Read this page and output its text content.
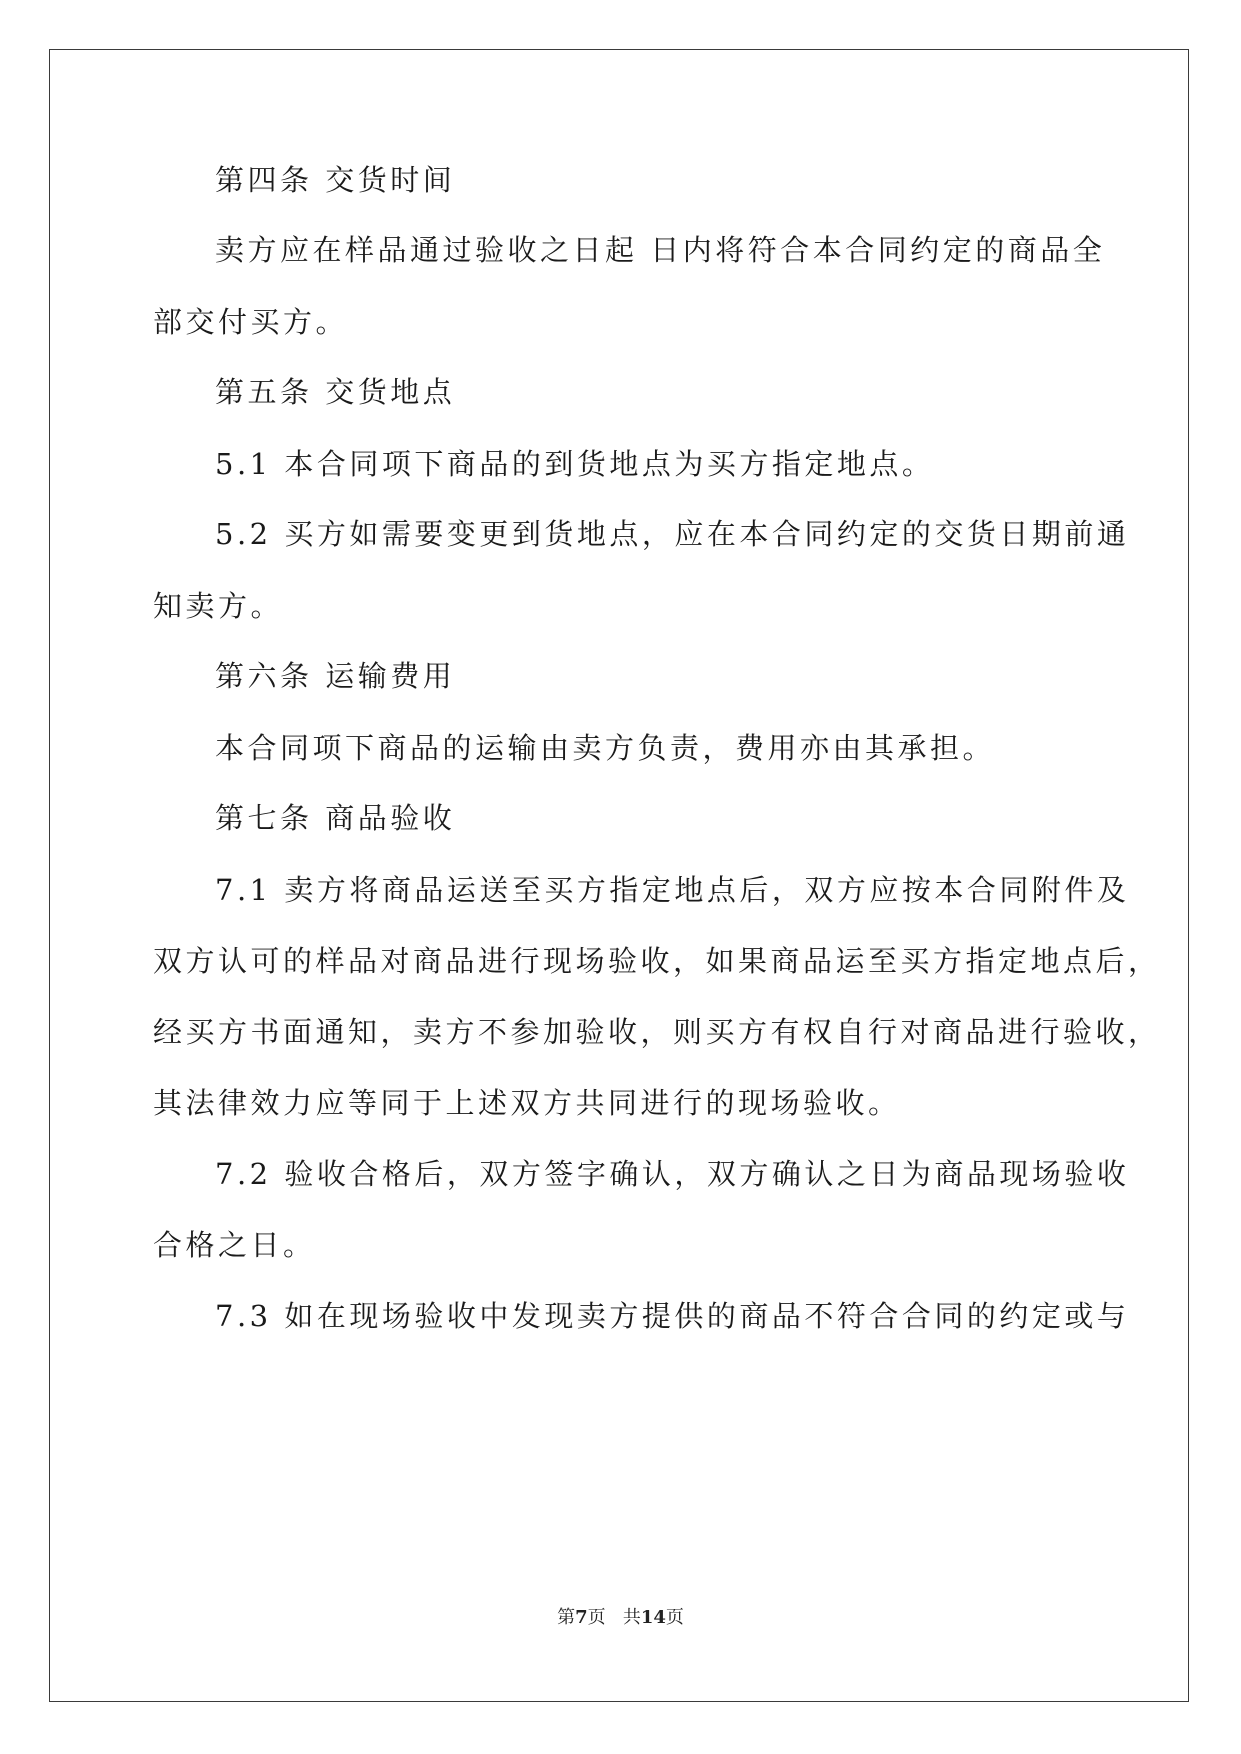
第四条 交货时间
卖方应在样品通过验收之日起 日内将符合本合同约定的商品全
部交付买方。
第五条 交货地点
5.1 本合同项下商品的到货地点为买方指定地点。
5.2 买方如需要变更到货地点，应在本合同约定的交货日期前通
知卖方。
第六条 运输费用
本合同项下商品的运输由卖方负责，费用亦由其承担。
第七条 商品验收
7.1 卖方将商品运送至买方指定地点后，双方应按本合同附件及
双方认可的样品对商品进行现场验收，如果商品运至买方指定地点后，
经买方书面通知，卖方不参加验收，则买方有权自行对商品进行验收，
其法律效力应等同于上述双方共同进行的现场验收。
7.2 验收合格后，双方签字确认，双方确认之日为商品现场验收
合格之日。
7.3 如在现场验收中发现卖方提供的商品不符合合同的约定或与
第7页 共14页
